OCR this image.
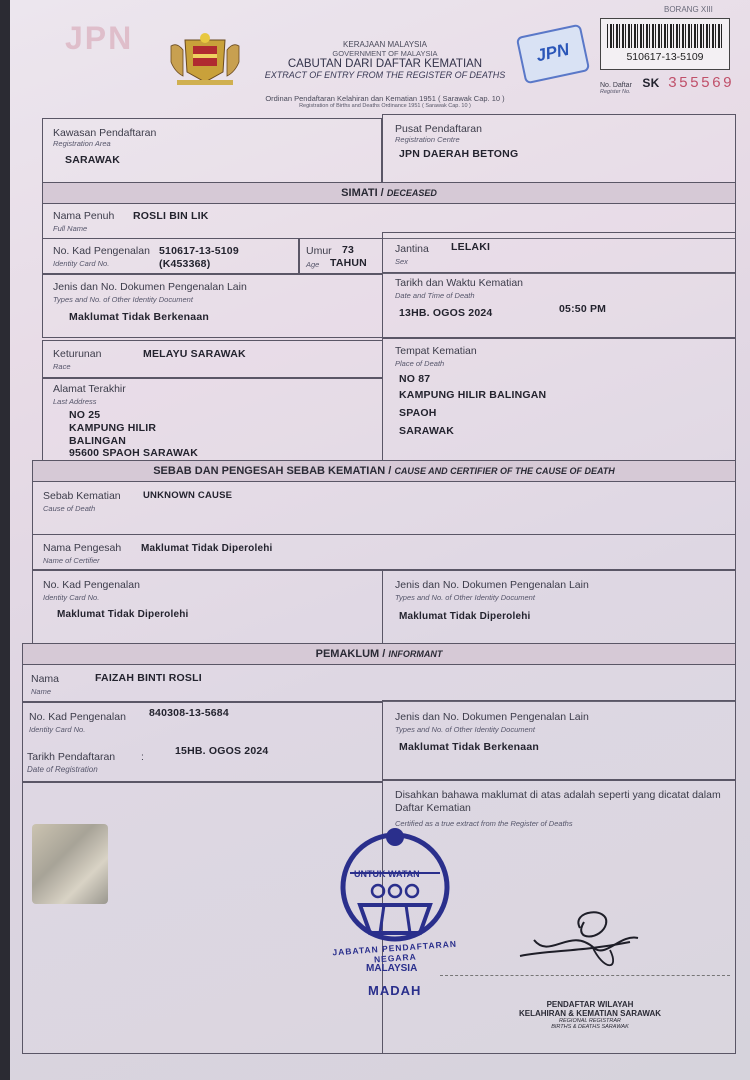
JPN	KERAJAAN MALAYSIA
GOVERNMENT OF MALAYSIA
CABUTAN DARI DAFTAR KEMATIAN
EXTRACT OF ENTRY FROM THE REGISTER OF DEATHS
Ordinan Pendaftaran Kelahiran dan Kematian 1951 ( Sarawak Cap. 10 )
Registration of Births and Deaths Ordinance 1951 ( Sarawak Cap. 10 )
JPN
BORANG XIII
510617-13-5109
No. Daftar SK 355569
Register No.
Kawasan Pendaftaran
Registration Area
SARAWAK
Pusat Pendaftaran
Registration Centre
JPN DAERAH BETONG
SIMATI / DECEASED
Nama Penuh
Full Name
ROSLI BIN LIK
No. Kad Pengenalan
Identity Card No.
510617-13-5109
(K453368)
Umur 73
Age TAHUN
Jantina
Sex
LELAKI
Jenis dan No. Dokumen Pengenalan Lain
Types and No. of Other Identity Document
Maklumat Tidak Berkenaan
Tarikh dan Waktu Kematian
Date and Time of Death
13HB. OGOS 2024	05:50 PM
Keturunan
Race
MELAYU SARAWAK	Tempat Kematian
Place of Death
NO 87
KAMPUNG HILIR BALINGAN
SPAOH
SARAWAK
Alamat Terakhir
Last Address
NO 25
KAMPUNG HILIR
BALINGAN
95600 SPAOH SARAWAK
SEBAB DAN PENGESAH SEBAB KEMATIAN / CAUSE AND CERTIFIER OF THE CAUSE OF DEATH
Sebab Kematian
Cause of Death
UNKNOWN CAUSE
Nama Pengesah
Name of Certifier
Maklumat Tidak Diperolehi
No. Kad Pengenalan
Identity Card No.
Maklumat Tidak Diperolehi
Jenis dan No. Dokumen Pengenalan Lain
Types and No. of Other Identity Document
Maklumat Tidak Diperolehi
PEMAKLUM / INFORMANT
Nama
Name
FAIZAH BINTI ROSLI
No. Kad Pengenalan
Identity Card No.
840308-13-5684
Tarikh Pendaftaran :
Date of Registration
15HB. OGOS 2024
Jenis dan No. Dokumen Pengenalan Lain
Types and No. of Other Identity Document
Maklumat Tidak Berkenaan
Disahkan bahawa maklumat di atas adalah seperti yang dicatat dalam Daftar Kematian
Certified as a true extract from the Register of Deaths
UNTUK WATAN
JABATAN PENDAFTARAN NEGARA
MALAYSIA
MADAH
PENDAFTAR WILAYAH
KELAHIRAN & KEMATIAN SARAWAK
REGIONAL REGISTRAR
BIRTHS & DEATHS SARAWAK
